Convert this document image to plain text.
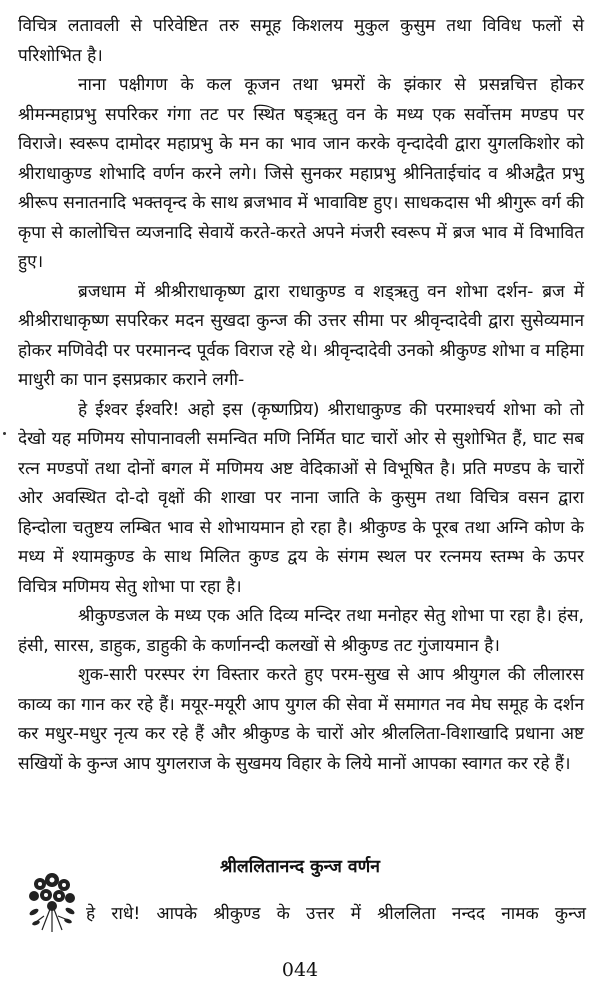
विचित्र लतावली से परिवेष्टित तरु समूह किशलय मुकुल कुसुम तथा विविध फलों से परिशोभित है।

नाना पक्षीगण के कल कूजन तथा भ्रमरों के झंकार से प्रसन्नचित्त होकर श्रीमन्महाप्रभु सपरिकर गंगा तट पर स्थित षड्ऋतु वन के मध्य एक सर्वोत्तम मण्डप पर विराजे। स्वरूप दामोदर महाप्रभु के मन का भाव जान करके वृन्दादेवी द्वारा युगलकिशोर को श्रीराधाकुण्ड शोभादि वर्णन करने लगे। जिसे सुनकर महाप्रभु श्रीनिताईचांद व श्रीअद्वैत प्रभु श्रीरूप सनातनादि भक्तवृन्द के साथ ब्रजभाव में भावाविष्ट हुए। साधकदास भी श्रीगुरू वर्ग की कृपा से कालोचित्त व्यजनादि सेवायें करते-करते अपने मंजरी स्वरूप में ब्रज भाव में विभावित हुए।

ब्रजधाम में श्रीश्रीराधाकृष्ण द्वारा राधाकुण्ड व शड्ऋतु वन शोभा दर्शन- ब्रज में श्रीश्रीराधाकृष्ण सपरिकर मदन सुखदा कुन्ज की उत्तर सीमा पर श्रीवृन्दादेवी द्वारा सुसेव्यमान होकर मणिवेदी पर परमानन्द पूर्वक विराज रहे थे। श्रीवृन्दादेवी उनको श्रीकुण्ड शोभा व महिमा माधुरी का पान इसप्रकार कराने लगी-

हे ईश्वर ईश्वरि! अहो इस (कृष्णप्रिय) श्रीराधाकुण्ड की परमाश्चर्य शोभा को तो देखो यह मणिमय सोपानावली समन्वित मणि निर्मित घाट चारों ओर से सुशोभित हैं, घाट सब रत्न मण्डपों तथा दोनों बगल में मणिमय अष्ट वेदिकाओं से विभूषित है। प्रति मण्डप के चारों ओर अवस्थित दो-दो वृक्षों की शाखा पर नाना जाति के कुसुम तथा विचित्र वसन द्वारा हिन्दोला चतुष्टय लम्बित भाव से शोभायमान हो रहा है। श्रीकुण्ड के पूरब तथा अग्नि कोण के मध्य में श्यामकुण्ड के साथ मिलित कुण्ड द्वय के संगम स्थल पर रत्नमय स्तम्भ के ऊपर विचित्र मणिमय सेतु शोभा पा रहा है।

श्रीकुण्डजल के मध्य एक अति दिव्य मन्दिर तथा मनोहर सेतु शोभा पा रहा है। हंस, हंसी, सारस, डाहुक, डाहुकी के कर्णानन्दी कलखों से श्रीकुण्ड तट गुंजायमान है।

शुक-सारी परस्पर रंग विस्तार करते हुए परम-सुख से आप श्रीयुगल की लीलारस काव्य का गान कर रहे हैं। मयूर-मयूरी आप युगल की सेवा में समागत नव मेघ समूह के दर्शन कर मधुर-मधुर नृत्य कर रहे हैं और श्रीकुण्ड के चारों ओर श्रीललिता-विशाखादि प्रधाना अष्ट सखियों के कुन्ज आप युगलराज के सुखमय विहार के लिये मानों आपका स्वागत कर रहे हैं।

श्रीललितानन्द कुन्ज वर्णन
हे राधे! आपके श्रीकुण्ड के उत्तर में श्रीललिता नन्दद नामक कुन्ज
044
